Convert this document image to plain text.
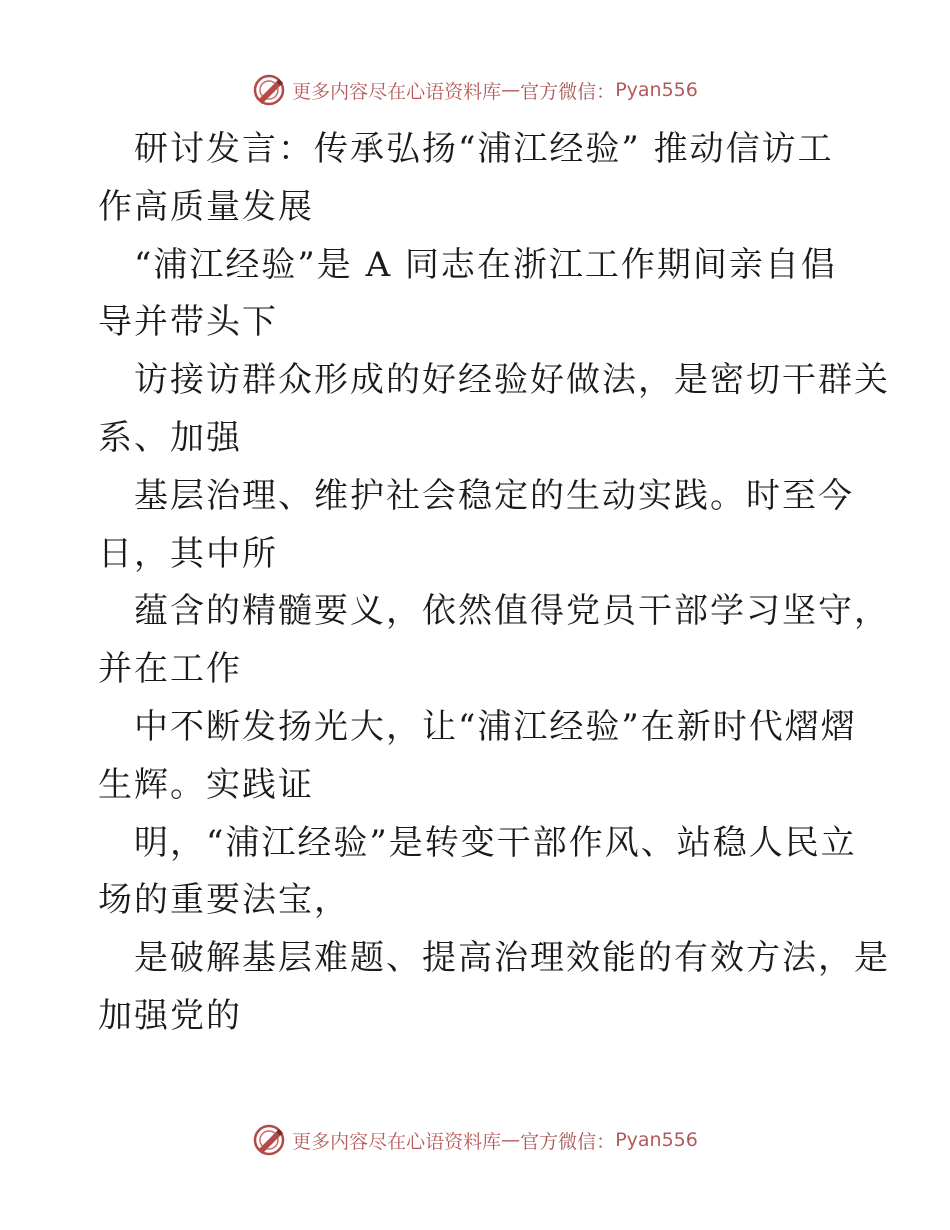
更多内容尽在心语资料库 — 官方微信： Pyan556
研讨发言：传承弘扬“浦江经验” 推动信访工
作高质量发展
“浦江经验”是 A 同志在浙江工作期间亲自倡
导并带头下
访接访群众形成的好经验好做法，是密切干群关
系、加强
基层治理、维护社会稳定的生动实践。时至今
日，其中所
蕴含的精髓要义，依然值得党员干部学习坚守，
并在工作
中不断发扬光大，让“浦江经验”在新时代熠熠
生辉。实践证
明，“浦江经验”是转变干部作风、站稳人民立
场的重要法宝，
是破解基层难题、提高治理效能的有效方法，是
加强党的
更多内容尽在心语资料库 — 官方微信： Pyan556
